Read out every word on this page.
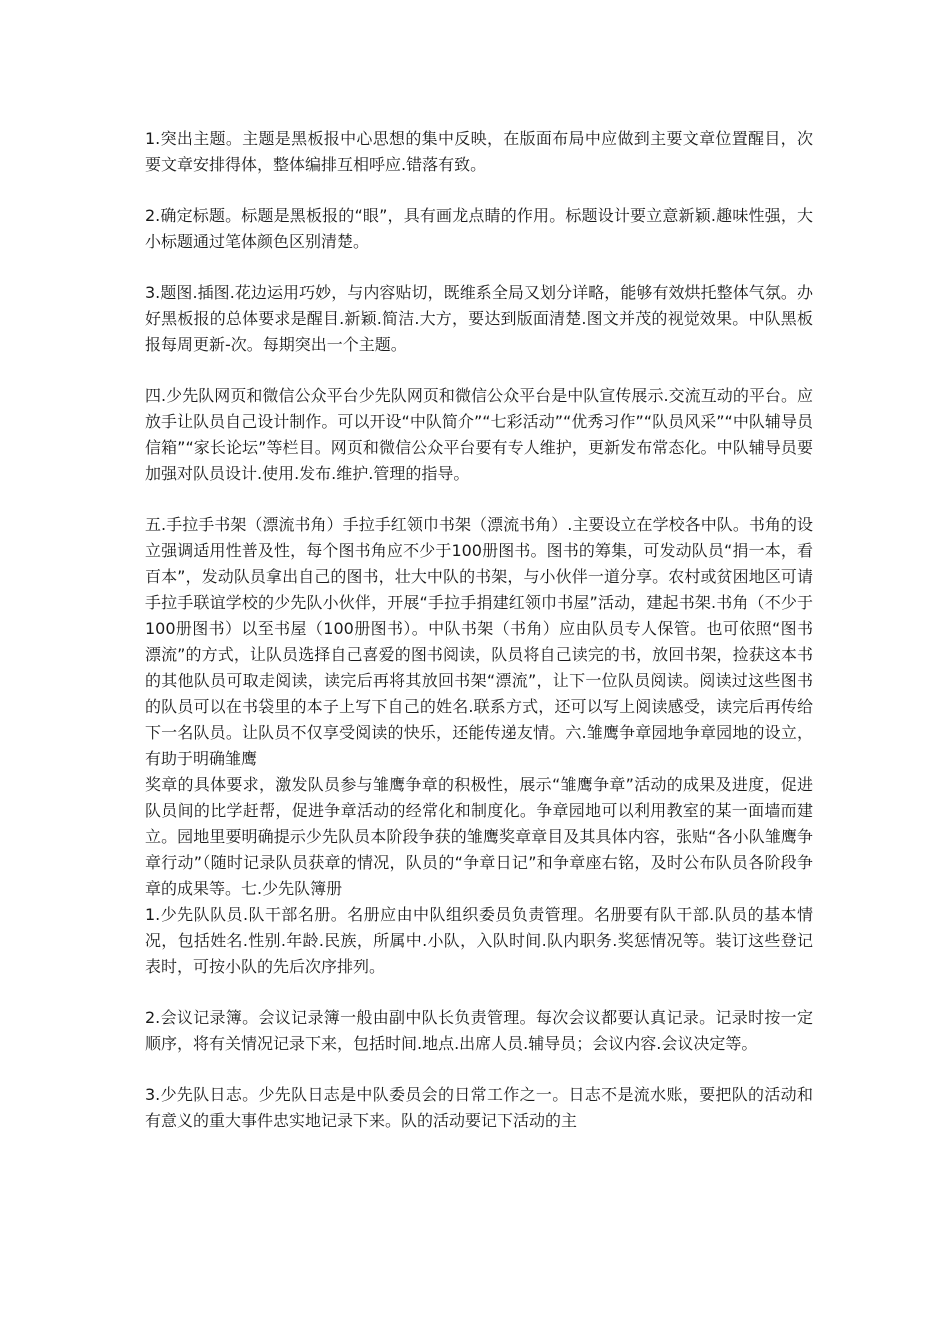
1.突出主题。主题是黑板报中心思想的集中反映，在版面布局中应做到主要文章位置醒目，次要文章安排得体，整体编排互相呼应.错落有致。

2.确定标题。标题是黑板报的“眼”，具有画龙点睛的作用。标题设计要立意新颖.趣味性强，大小标题通过笔体颜色区别清楚。

3.题图.插图.花边运用巧妙，与内容贴切，既维系全局又划分详略，能够有效烘托整体气氛。办好黑板报的总体要求是醒目.新颖.简洁.大方，要达到版面清楚.图文并茂的视觉效果。中队黑板报每周更新-次。每期突出一个主题。

四.少先队网页和微信公众平台少先队网页和微信公众平台是中队宣传展示.交流互动的平台。应放手让队员自己设计制作。可以开设“中队简介”“七彩活动”“优秀习作”“队员风采”“中队辅导员信箱”“家长论坛”等栏目。网页和微信公众平台要有专人维护，更新发布常态化。中队辅导员要加强对队员设计.使用.发布.维护.管理的指导。

五.手拉手书架（漂流书角）手拉手红领巾书架（漂流书角）.主要设立在学校各中队。书角的设立强调适用性普及性，每个图书角应不少于100册图书。图书的筹集，可发动队员“捐一本，看百本”，发动队员拿出自己的图书，壮大中队的书架，与小伙伴一道分享。农村或贫困地区可请手拉手联谊学校的少先队小伙伴，开展“手拉手捐建红领巾书屋”活动，建起书架.书角（不少于100册图书）以至书屋（100册图书）。中队书架（书角）应由队员专人保管。也可依照“图书漂流”的方式，让队员选择自己喜爱的图书阅读，队员将自己读完的书，放回书架，捡获这本书的其他队员可取走阅读，读完后再将其放回书架“漂流”，让下一位队员阅读。阅读过这些图书的队员可以在书袋里的本子上写下自己的姓名.联系方式，还可以写上阅读感受，读完后再传给下一名队员。让队员不仅享受阅读的快乐，还能传递友情。六.雏鹰争章园地争章园地的设立，有助于明确雏鹰

奖章的具体要求，激发队员参与雏鹰争章的积极性，展示“雏鹰争章”活动的成果及进度，促进队员间的比学赶帮，促进争章活动的经常化和制度化。争章园地可以利用教室的某一面墙而建立。园地里要明确提示少先队员本阶段争获的雏鹰奖章章目及其具体内容，张贴“各小队雏鹰争章行动”（随时记录队员获章的情况，队员的“争章日记”和争章座右铭，及时公布队员各阶段争章的成果等。七.少先队簿册

1.少先队队员.队干部名册。名册应由中队组织委员负责管理。名册要有队干部.队员的基本情况，包括姓名.性别.年龄.民族，所属中.小队，入队时间.队内职务.奖惩情况等。装订这些登记表时，可按小队的先后次序排列。

2.会议记录簿。会议记录簿一般由副中队长负责管理。每次会议都要认真记录。记录时按一定顺序，将有关情况记录下来，包括时间.地点.出席人员.辅导员；会议内容.会议决定等。

3.少先队日志。少先队日志是中队委员会的日常工作之一。日志不是流水账，要把队的活动和有意义的重大事件忠实地记录下来。队的活动要记下活动的主
